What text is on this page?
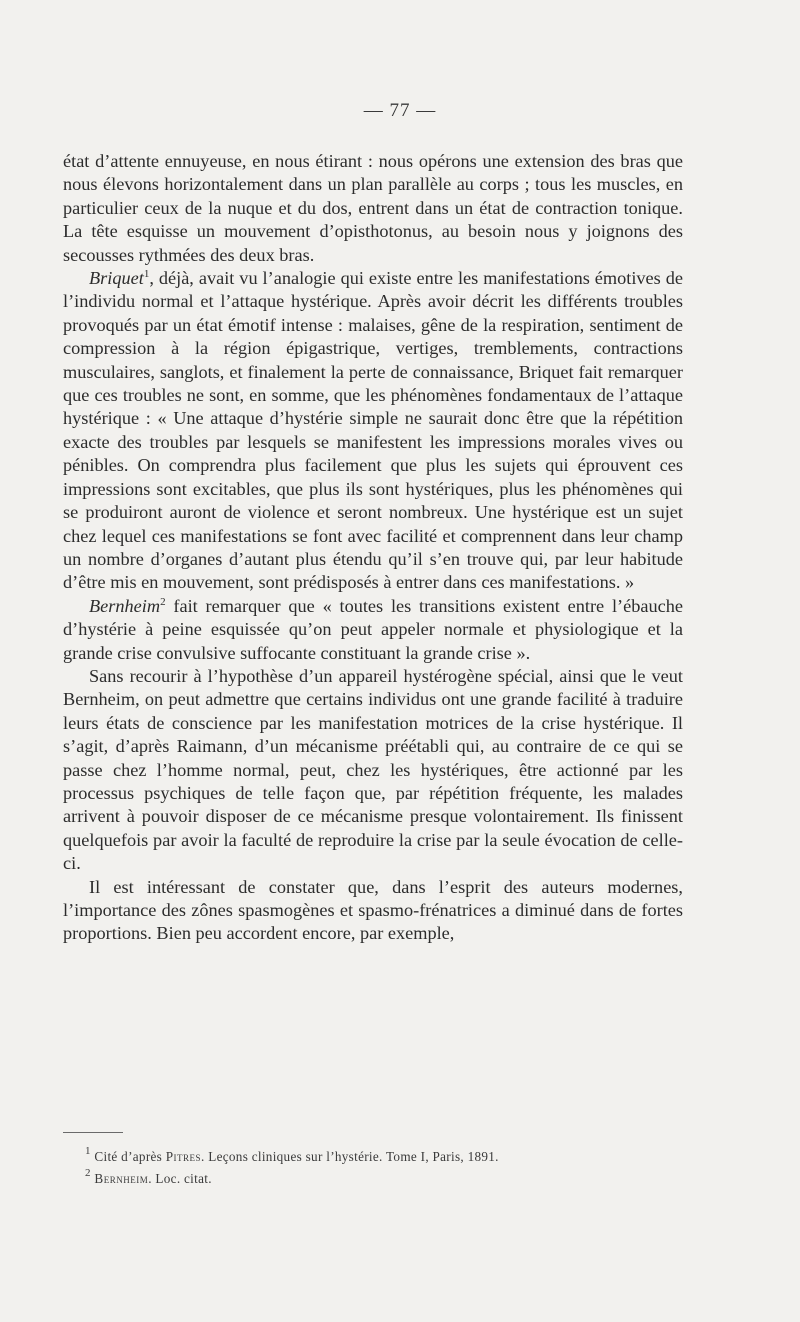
— 77 —

état d’attente ennuyeuse, en nous étirant : nous opérons une extension des bras que nous élevons horizontalement dans un plan parallèle au corps ; tous les muscles, en particulier ceux de la nuque et du dos, entrent dans un état de contraction tonique. La tête esquisse un mouvement d’opisthotonus, au besoin nous y joignons des secousses rythmées des deux bras.

Briquet$^1$, déjà, avait vu l’analogie qui existe entre les manifestations émotives de l’individu normal et l’attaque hystérique. Après avoir décrit les différents troubles provoqués par un état émotif intense : malaises, gêne de la respiration, sentiment de compression à la région épigastrique, vertiges, tremblements, contractions musculaires, sanglots, et finalement la perte de connaissance, Briquet fait remarquer que ces troubles ne sont, en somme, que les phénomènes fondamentaux de l’attaque hystérique : « Une attaque d’hystérie simple ne saurait donc être que la répétition exacte des troubles par lesquels se manifestent les impressions morales vives ou pénibles. On comprendra plus facilement que plus les sujets qui éprouvent ces impressions sont excitables, que plus ils sont hystériques, plus les phénomènes qui se produiront auront de violence et seront nombreux. Une hystérique est un sujet chez lequel ces manifestations se font avec facilité et comprennent dans leur champ un nombre d’organes d’autant plus étendu qu’il s’en trouve qui, par leur habitude d’être mis en mouvement, sont prédisposés à entrer dans ces manifestations. »

Bernheim$^2$ fait remarquer que « toutes les transitions existent entre l’ébauche d’hystérie à peine esquissée qu’on peut appeler normale et physiologique et la grande crise convulsive suffocante constituant la grande crise ».

Sans recourir à l’hypothèse d’un appareil hystérogène spécial, ainsi que le veut Bernheim, on peut admettre que certains individus ont une grande facilité à traduire leurs états de conscience par les manifestation motrices de la crise hystérique. Il s’agit, d’après Raimann, d’un mécanisme préétabli qui, au contraire de ce qui se passe chez l’homme normal, peut, chez les hystériques, être actionné par les processus psychiques de telle façon que, par répétition fréquente, les malades arrivent à pouvoir disposer de ce mécanisme presque volontairement. Ils finissent quelquefois par avoir la faculté de reproduire la crise par la seule évocation de celle-ci.

Il est intéressant de constater que, dans l’esprit des auteurs modernes, l’importance des zônes spasmogènes et spasmo-frénatrices a diminué dans de fortes proportions. Bien peu accordent encore, par exemple,

$^1$ Cité d’après Pitres. Leçons cliniques sur l’hystérie. Tome I, Paris, 1891.
$^2$ Bernheim. Loc. citat.
